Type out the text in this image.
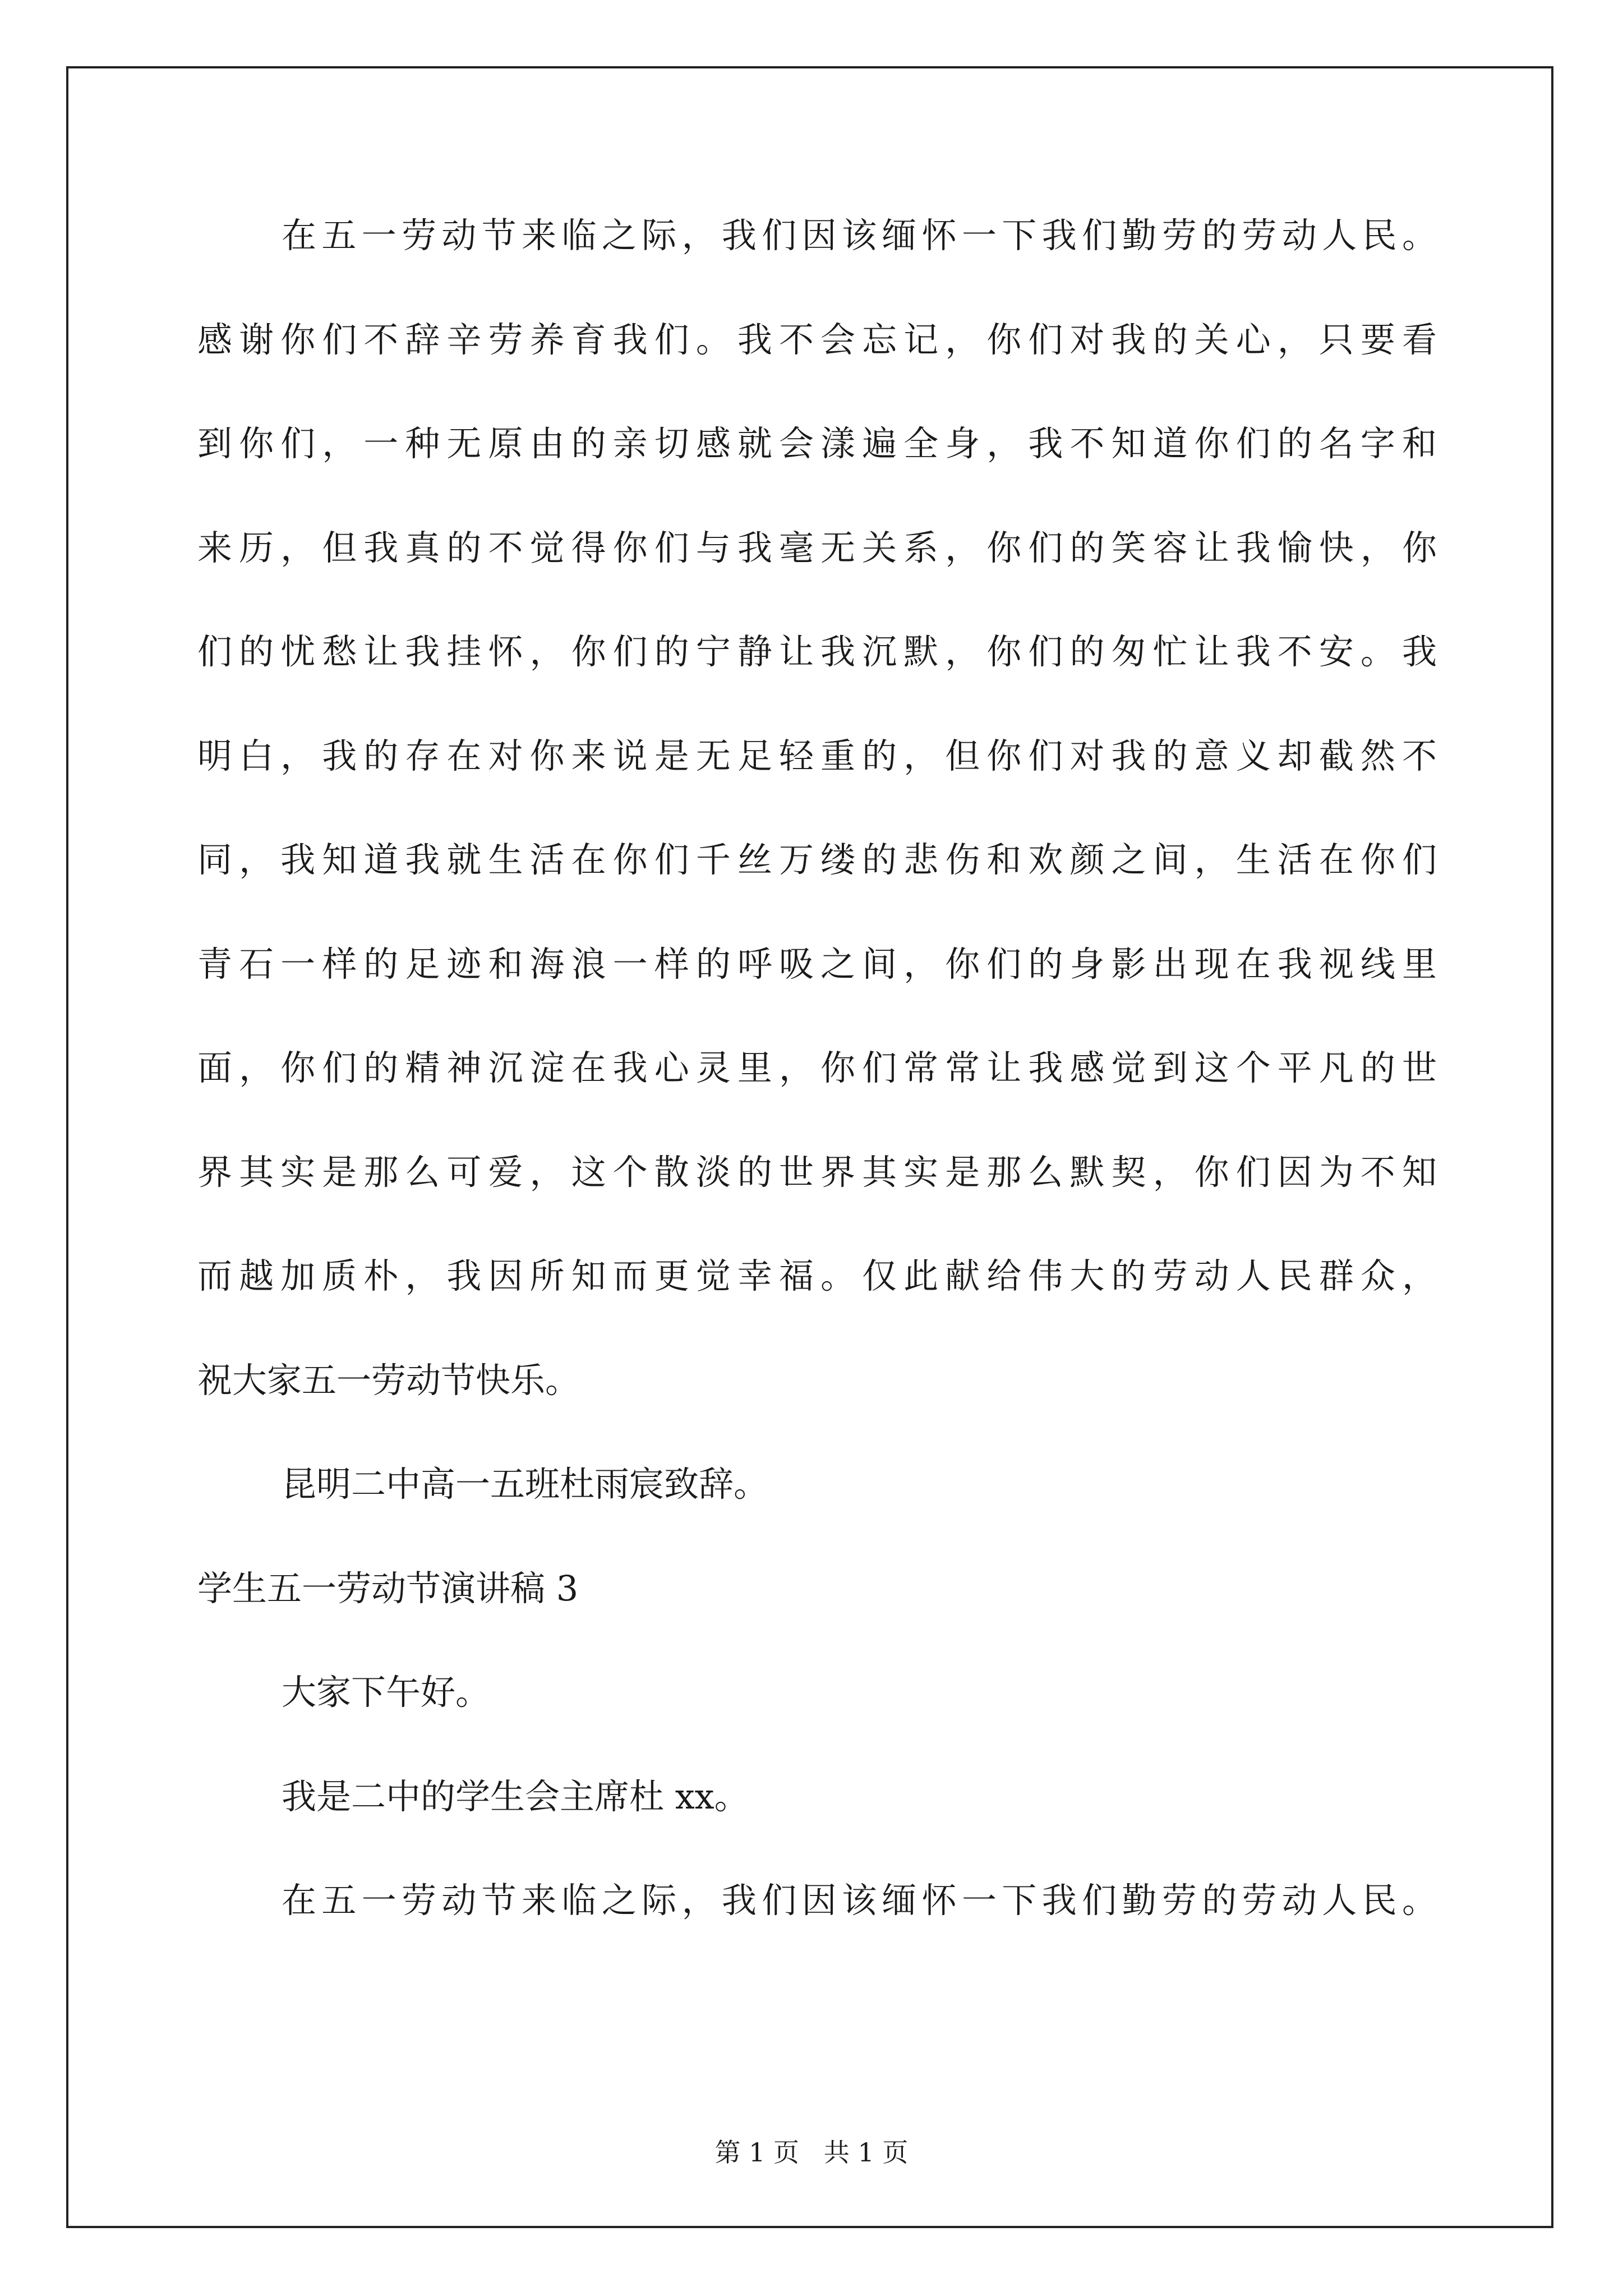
在五一劳动节来临之际，我们因该缅怀一下我们勤劳的劳动人民。
感谢你们不辞辛劳养育我们。我不会忘记，你们对我的关心，只要看
到你们，一种无原由的亲切感就会漾遍全身，我不知道你们的名字和
来历，但我真的不觉得你们与我毫无关系，你们的笑容让我愉快，你
们的忧愁让我挂怀，你们的宁静让我沉默，你们的匆忙让我不安。我
明白，我的存在对你来说是无足轻重的，但你们对我的意义却截然不
同，我知道我就生活在你们千丝万缕的悲伤和欢颜之间，生活在你们
青石一样的足迹和海浪一样的呼吸之间，你们的身影出现在我视线里
面，你们的精神沉淀在我心灵里，你们常常让我感觉到这个平凡的世
界其实是那么可爱，这个散淡的世界其实是那么默契，你们因为不知
而越加质朴，我因所知而更觉幸福。仅此献给伟大的劳动人民群众，
祝大家五一劳动节快乐。
昆明二中高一五班杜雨宸致辞。
学生五一劳动节演讲稿 3
大家下午好。
我是二中的学生会主席杜 xx。
在五一劳动节来临之际，我们因该缅怀一下我们勤劳的劳动人民。
第 1 页   共 1 页
